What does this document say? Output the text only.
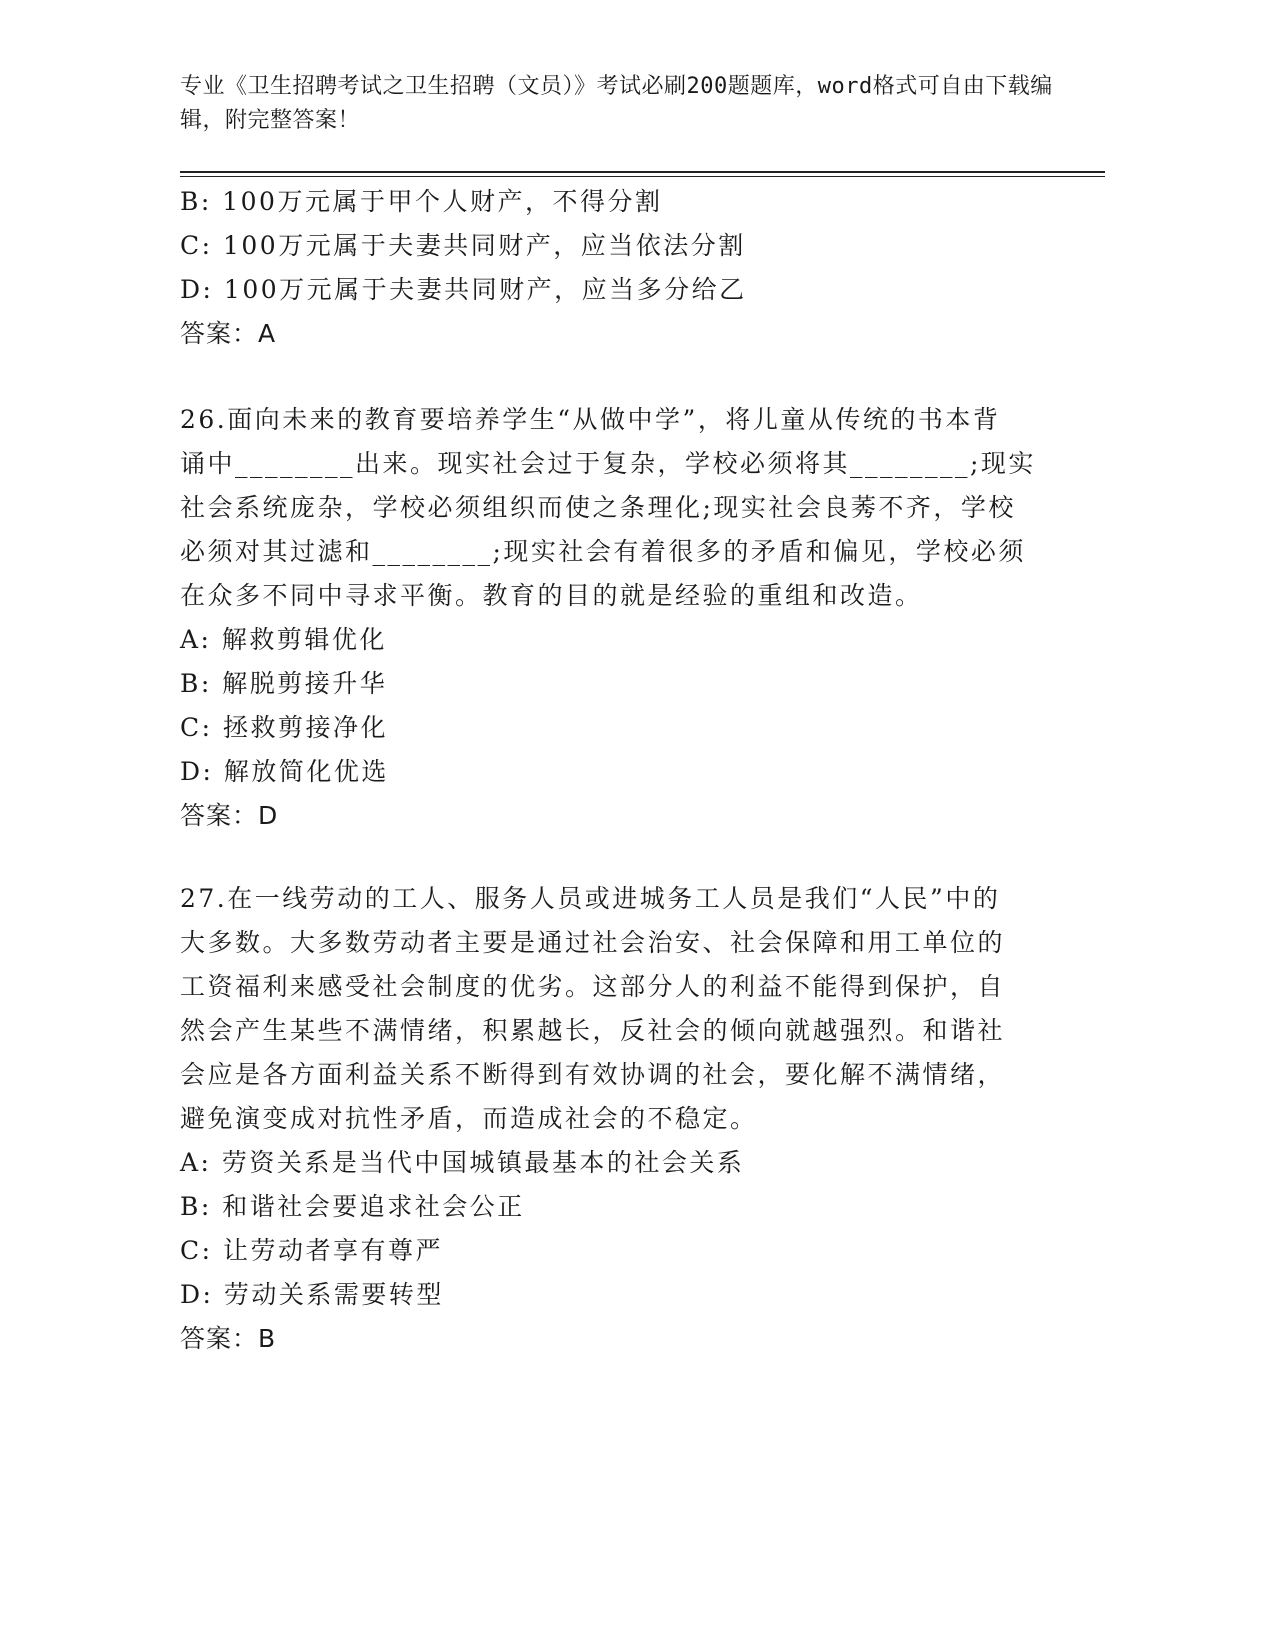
专业《卫生招聘考试之卫生招聘（文员）》考试必刷200题题库，word格式可自由下载编辑，附完整答案！
B: 100万元属于甲个人财产，不得分割
C: 100万元属于夫妻共同财产，应当依法分割
D: 100万元属于夫妻共同财产，应当多分给乙
答案：A
26.面向未来的教育要培养学生“从做中学”，将儿童从传统的书本背
诵中________出来。现实社会过于复杂，学校必须将其________;现实
社会系统庞杂，学校必须组织而使之条理化;现实社会良莠不齐，学校
必须对其过滤和________;现实社会有着很多的矛盾和偏见，学校必须
在众多不同中寻求平衡。教育的目的就是经验的重组和改造。
A: 解救剪辑优化
B: 解脱剪接升华
C: 拯救剪接净化
D: 解放简化优选
答案：D
27.在一线劳动的工人、服务人员或进城务工人员是我们“人民”中的
大多数。大多数劳动者主要是通过社会治安、社会保障和用工单位的
工资福利来感受社会制度的优劣。这部分人的利益不能得到保护，自
然会产生某些不满情绪，积累越长，反社会的倾向就越强烈。和谐社
会应是各方面利益关系不断得到有效协调的社会，要化解不满情绪，
避免演变成对抗性矛盾，而造成社会的不稳定。
A: 劳资关系是当代中国城镇最基本的社会关系
B: 和谐社会要追求社会公正
C: 让劳动者享有尊严
D: 劳动关系需要转型
答案：B
